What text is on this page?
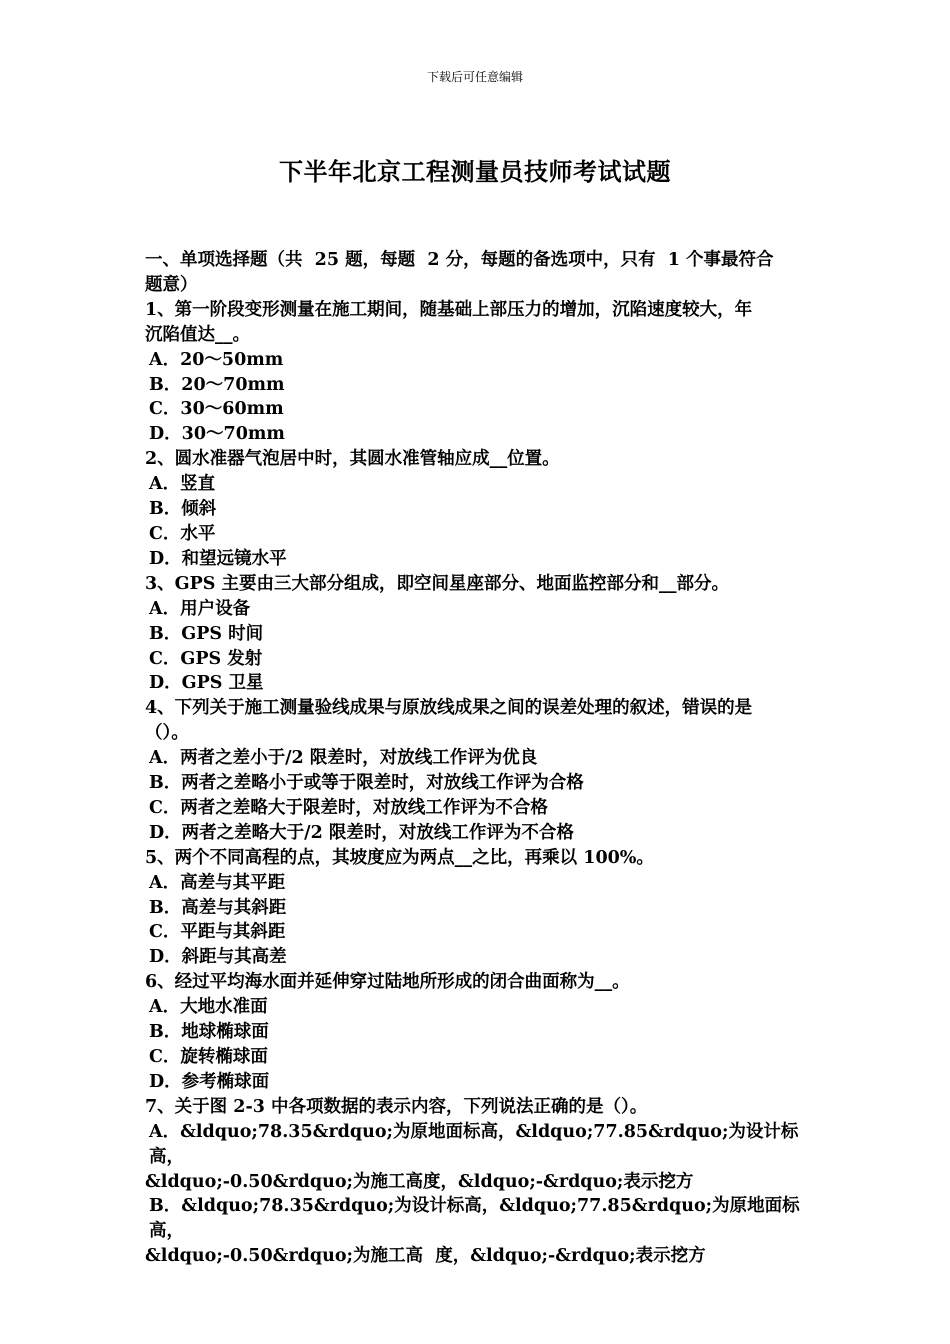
下载后可任意编辑
下半年北京工程测量员技师考试试题
一、单项选择题（共  25 题，每题  2 分，每题的备选项中，只有  1 个事最符合
题意）
1、第一阶段变形测量在施工期间，随基础上部压力的增加，沉陷速度较大，年
沉陷值达__。
A．20～50mm
B．20～70mm
C．30～60mm
D．30～70mm
2、圆水准器气泡居中时，其圆水准管轴应成__位置。
A．竖直
B．倾斜
C．水平
D．和望远镜水平
3、GPS 主要由三大部分组成，即空间星座部分、地面监控部分和__部分。
A．用户设备
B．GPS 时间
C．GPS 发射
D．GPS 卫星
4、下列关于施工测量验线成果与原放线成果之间的误差处理的叙述，错误的是
（）。
A．两者之差小于/2 限差时，对放线工作评为优良
B．两者之差略小于或等于限差时，对放线工作评为合格
C．两者之差略大于限差时，对放线工作评为不合格
D．两者之差略大于/2 限差时，对放线工作评为不合格
5、两个不同高程的点，其坡度应为两点__之比，再乘以 100%。
A．高差与其平距
B．高差与其斜距
C．平距与其斜距
D．斜距与其高差
6、经过平均海水面并延伸穿过陆地所形成的闭合曲面称为__。
A．大地水准面
B．地球椭球面
C．旋转椭球面
D．参考椭球面
7、关于图 2-3 中各项数据的表示内容，下列说法正确的是（）。
A．&ldquo;78.35&rdquo;为原地面标高，&ldquo;77.85&rdquo;为设计标高，
&ldquo;-0.50&rdquo;为施工高度，&ldquo;-&rdquo;表示挖方
B．&ldquo;78.35&rdquo;为设计标高，&ldquo;77.85&rdquo;为原地面标高，
&ldquo;-0.50&rdquo;为施工高  度，&ldquo;-&rdquo;表示挖方
